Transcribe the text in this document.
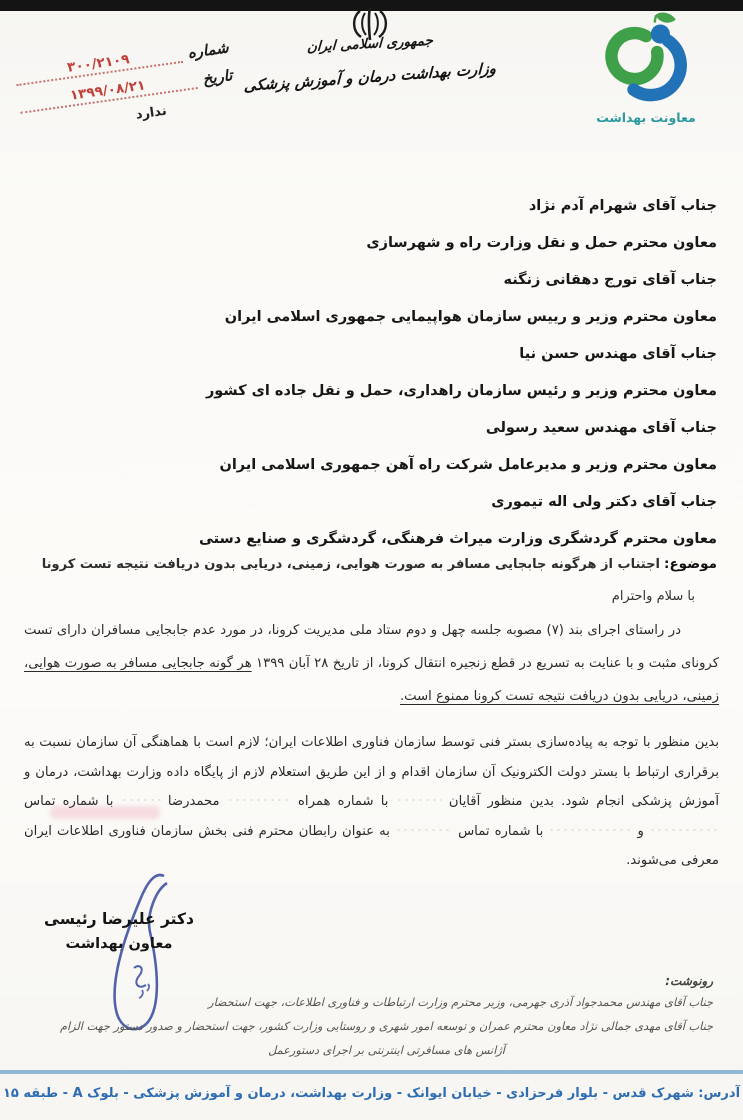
شماره
۳۰۰/۲۱۰۹
تاریخ
۱۳۹۹/۰۸/۲۱
ندارد
جمهوری اسلامی ایران
وزارت بهداشت درمان و آموزش پزشکی
معاونت بهداشت
جناب آقای شهرام آدم نژاد
معاون محترم حمل و نقل وزارت راه و شهرسازی
جناب آقای تورج دهقانی زنگنه
معاون محترم وزیر و رییس سازمان هواپیمایی جمهوری اسلامی ایران
جناب آقای مهندس حسن نیا
معاون محترم وزیر و رئیس سازمان راهداری، حمل و نقل جاده ای کشور
جناب آقای مهندس سعید رسولی
معاون محترم وزیر و مدیرعامل شرکت راه آهن جمهوری اسلامی ایران
جناب آقای دکتر ولی اله تیموری
معاون محترم گردشگری وزارت میراث فرهنگی، گردشگری و صنایع دستی
موضوع: اجتناب از هرگونه جابجایی مسافر به صورت هوایی، زمینی، دریایی بدون دریافت نتیجه تست کرونا
با سلام واحترام

در راستای اجرای بند (۷) مصوبه جلسه چهل و دوم ستاد ملی مدیریت کرونا، در مورد عدم جابجایی مسافران دارای تست کرونای مثبت و با عنایت به تسریع در قطع زنجیره انتقال کرونا، از تاریخ ۲۸ آبان ۱۳۹۹ هر گونه جابجایی مسافر به صورت هوایی، زمینی، دریایی بدون دریافت نتیجه تست کرونا ممنوع است.

بدین منظور با توجه به پیاده‌سازی بستر فنی توسط سازمان فناوری اطلاعات ایران؛ لازم است با هماهنگی آن سازمان نسبت به برقراری ارتباط با بستر دولت الکترونیک آن سازمان اقدام و از این طریق استعلام لازم از پایگاه داده وزارت بهداشت، درمان و آموزش پزشکی انجام شود. بدین منظور آقایان  با شماره همراه  محمدرضا  با شماره تماس  و  با شماره تماس  به عنوان رابطان محترم فنی بخش سازمان فناوری اطلاعات ایران معرفی می‌شوند.

دکتر علیرضا رئیسی
معاون بهداشت
رونوشت:
جناب آقای مهندس محمدجواد آذری جهرمی، وزیر محترم وزارت ارتباطات و فناوری اطلاعات، جهت استحضار
جناب آقای مهدی جمالی نژاد معاون محترم عمران و توسعه امور شهری و روستایی وزارت کشور، جهت استحضار و صدور دستور جهت الزام آژانس های مسافرتی اینترنتی بر اجرای دستورعمل
آدرس: شهرک قدس - بلوار فرحزادی - خیابان ایوانک - وزارت بهداشت، درمان و آموزش پزشکی - بلوک A - طبقه ۱۵
